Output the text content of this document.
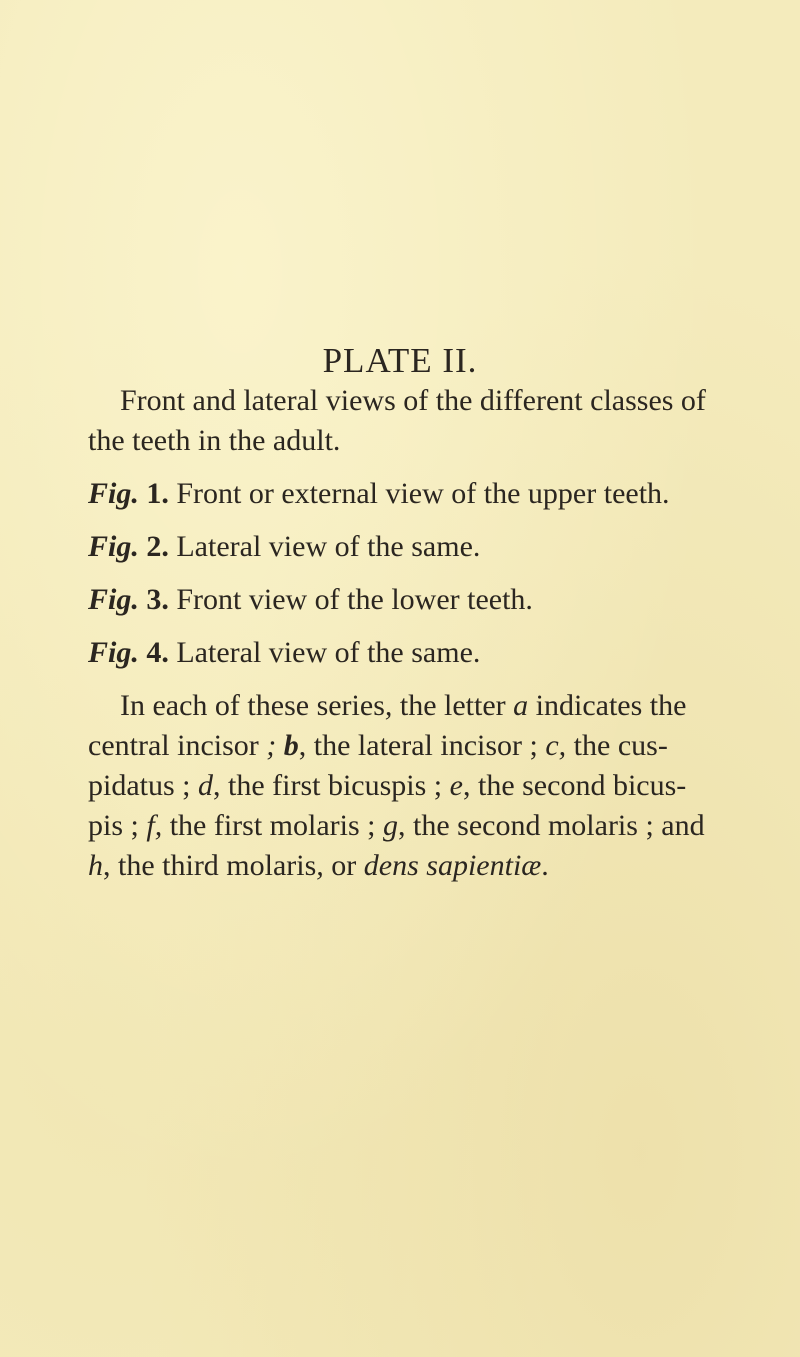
PLATE II.

Front and lateral views of the different classes of

the teeth in the adult.

Fig. 1. Front or external view of the upper teeth.

Fig. 2. Lateral view of the same.

Fig. 3. Front view of the lower teeth.

Fig. 4. Lateral view of the same.

In each of these series, the letter a indicates the

central incisor ; b, the lateral incisor ; c, the cus-

pidatus ; d, the first bicuspis ; e, the second bicus-

pis ; f, the first molaris ; g, the second molaris ; and

h, the third molaris, or dens sapientiæ.
